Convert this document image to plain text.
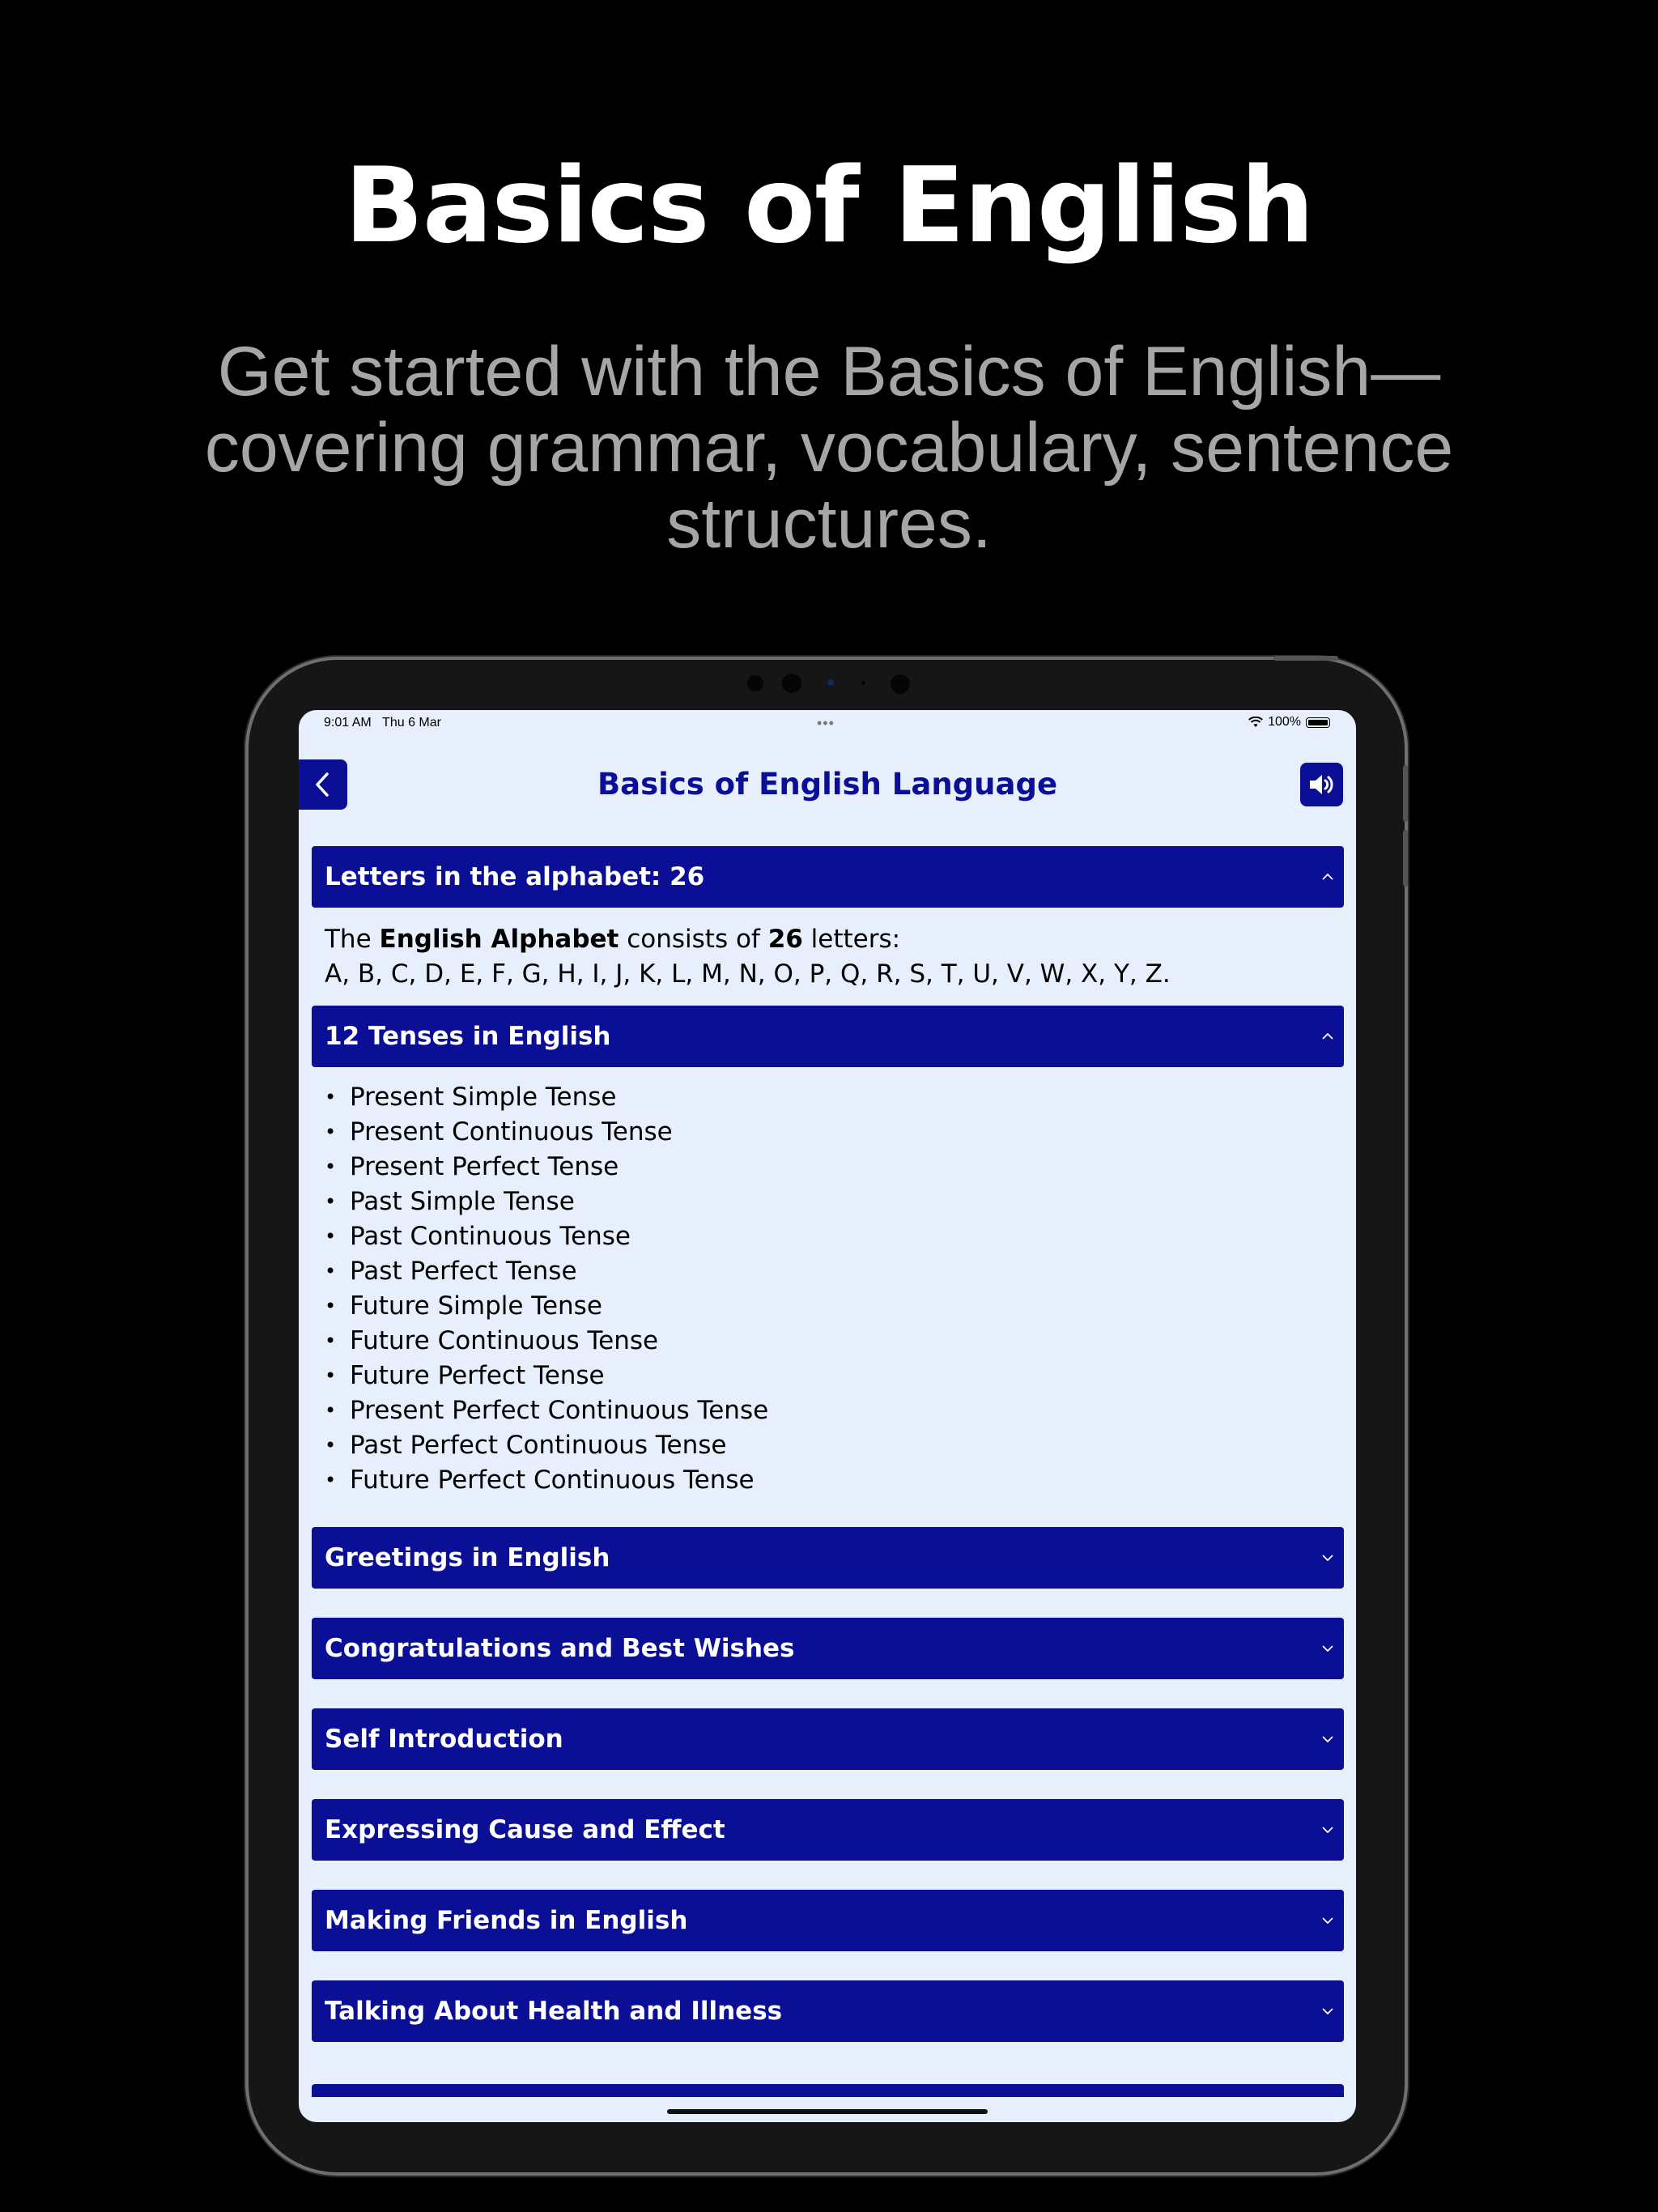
Basics of English

Get started with the Basics of English—covering grammar, vocabulary, sentence structures.

9:01 AM Thu 6 Mar	•••	100%
Basics of English Language
Letters in the alphabet: 26
The English Alphabet consists of 26 letters:
A, B, C, D, E, F, G, H, I, J, K, L, M, N, O, P, Q, R, S, T, U, V, W, X, Y, Z.
12 Tenses in English
• Present Simple Tense
• Present Continuous Tense
• Present Perfect Tense
• Past Simple Tense
• Past Continuous Tense
• Past Perfect Tense
• Future Simple Tense
• Future Continuous Tense
• Future Perfect Tense
• Present Perfect Continuous Tense
• Past Perfect Continuous Tense
• Future Perfect Continuous Tense
Greetings in English
Congratulations and Best Wishes
Self Introduction
Expressing Cause and Effect
Making Friends in English
Talking About Health and Illness
